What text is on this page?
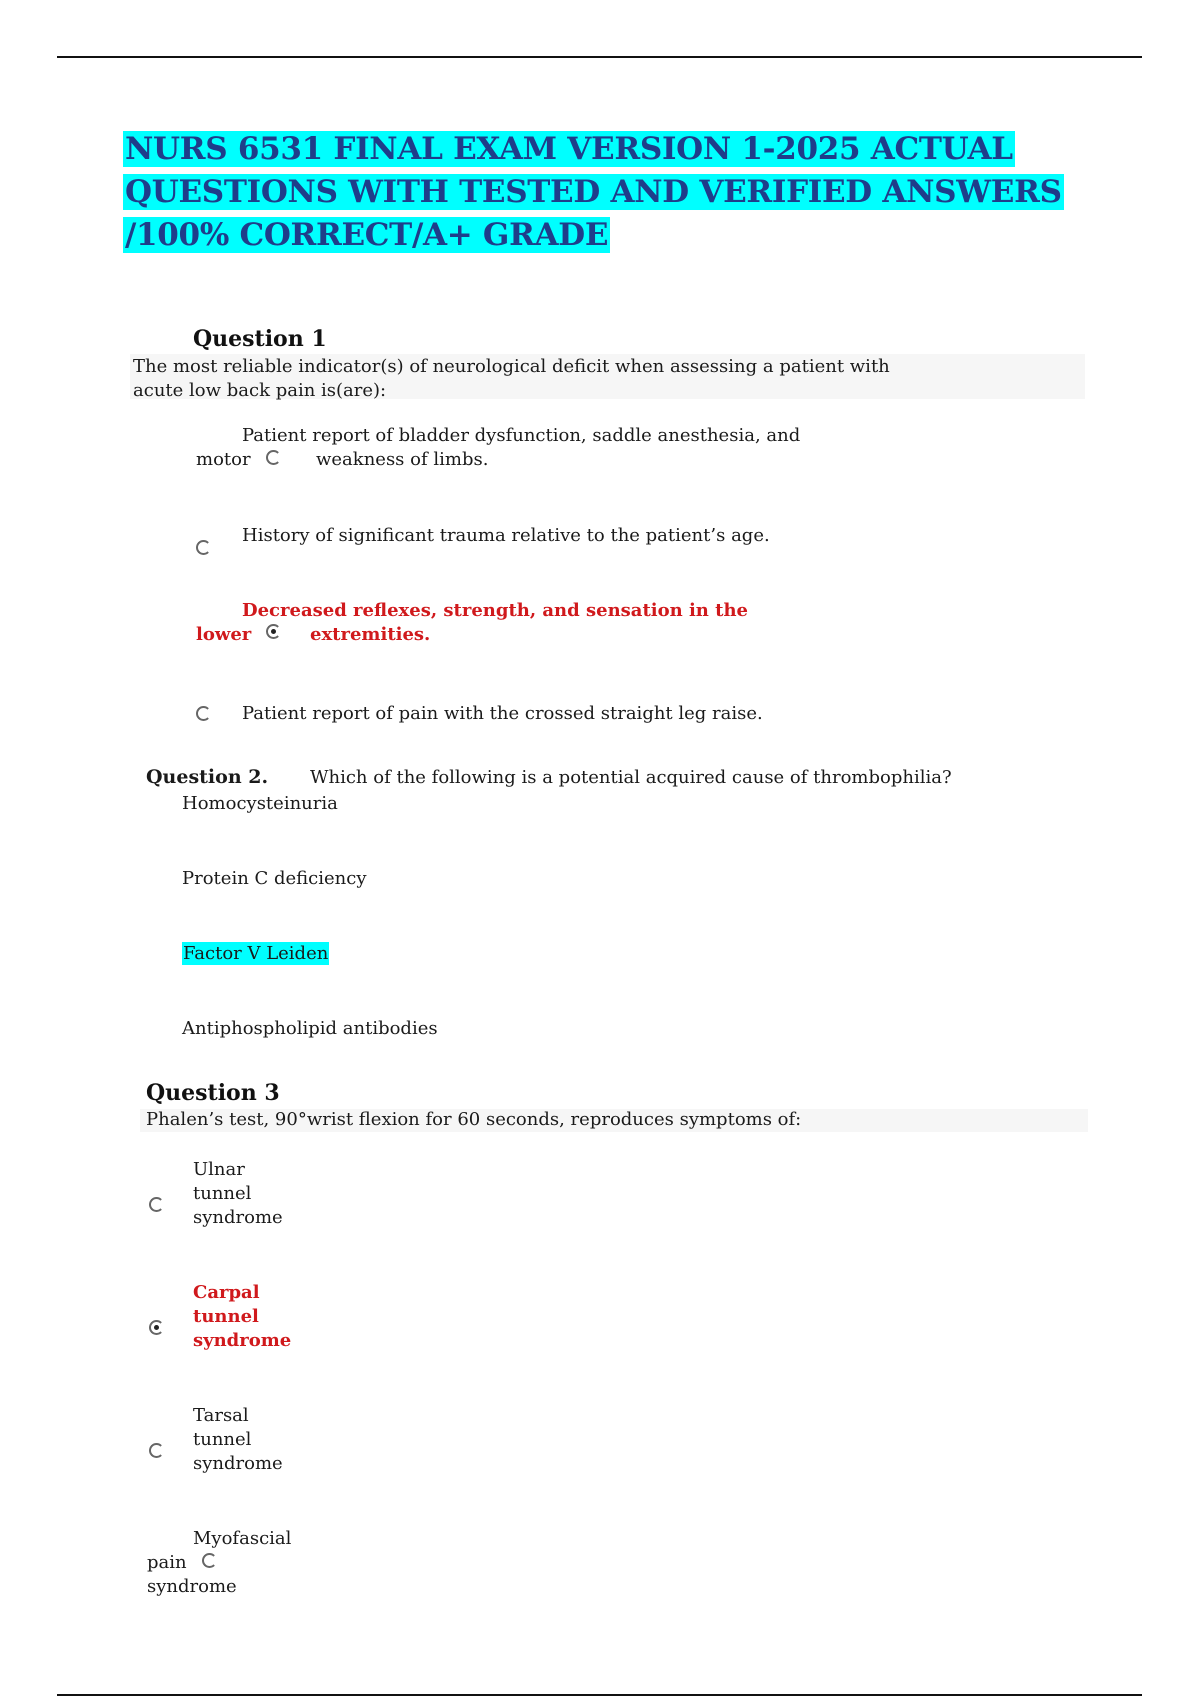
NURS 6531 FINAL EXAM VERSION 1-2025 ACTUAL QUESTIONS WITH TESTED AND VERIFIED ANSWERS /100% CORRECT/A+ GRADE
Question 1
The most reliable indicator(s) of neurological deficit when assessing a patient with
acute low back pain is(are):
Patient report of bladder dysfunction, saddle anesthesia, and
motor	weakness of limbs.
History of significant trauma relative to the patient’s age.
Decreased reflexes, strength, and sensation in the
lower	extremities.
Patient report of pain with the crossed straight leg raise.
Question 2. Which of the following is a potential acquired cause of thrombophilia?
Homocysteinuria
Protein C deficiency
Factor V Leiden
Antiphospholipid antibodies
Question 3
Phalen’s test, 90°wrist flexion for 60 seconds, reproduces symptoms of:
Ulnar
tunnel
syndrome
Carpal
tunnel
syndrome
Tarsal
tunnel
syndrome
Myofascial
pain
syndrome
